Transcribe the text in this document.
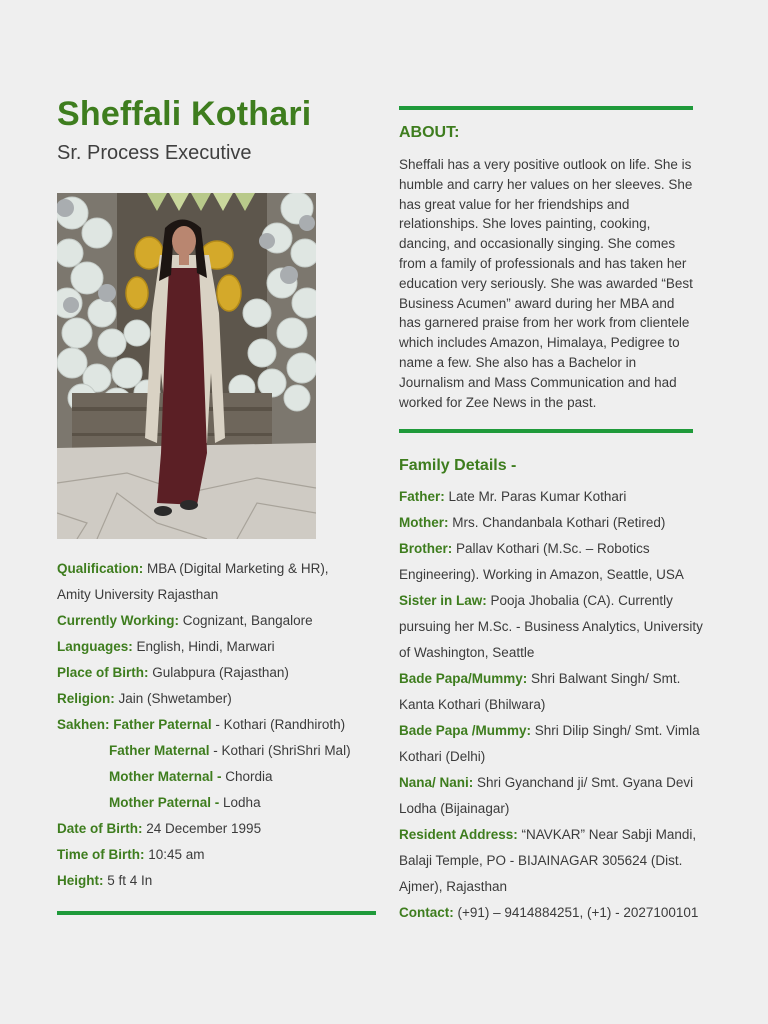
Sheffali Kothari

Sr. Process Executive

Qualification: MBA (Digital Marketing & HR), Amity University Rajasthan

Currently Working: Cognizant, Bangalore

Languages: English, Hindi, Marwari

Place of Birth: Gulabpura (Rajasthan)

Religion: Jain (Shwetamber)

Sakhen: Father Paternal - Kothari (Randhiroth)

Father Maternal - Kothari (ShriShri Mal)

Mother Maternal - Chordia

Mother Paternal - Lodha

Date of Birth: 24 December 1995

Time of Birth: 10:45 am

Height: 5 ft 4 In

ABOUT:

Sheffali has a very positive outlook on life. She is humble and carry her values on her sleeves. She has great value for her friendships and relationships. She loves painting, cooking, dancing, and occasionally singing. She comes from a family of professionals and has taken her education very seriously. She was awarded “Best Business Acumen” award during her MBA and has garnered praise from her work from clientele which includes Amazon, Himalaya, Pedigree to name a few. She also has a Bachelor in Journalism and Mass Communication and had worked for Zee News in the past.

Family Details -

Father: Late Mr. Paras Kumar Kothari

Mother: Mrs. Chandanbala Kothari (Retired)

Brother: Pallav Kothari (M.Sc. – Robotics Engineering). Working in Amazon, Seattle, USA

Sister in Law: Pooja Jhobalia (CA). Currently pursuing her M.Sc. - Business Analytics, University of Washington, Seattle

Bade Papa/Mummy: Shri Balwant Singh/ Smt. Kanta Kothari (Bhilwara)

Bade Papa /Mummy: Shri Dilip Singh/ Smt. Vimla Kothari (Delhi)

Nana/ Nani: Shri Gyanchand ji/ Smt. Gyana Devi Lodha (Bijainagar)

Resident Address: “NAVKAR” Near Sabji Mandi, Balaji Temple, PO - BIJAINAGAR 305624 (Dist. Ajmer), Rajasthan

Contact: (+91) – 9414884251, (+1) - 2027100101
